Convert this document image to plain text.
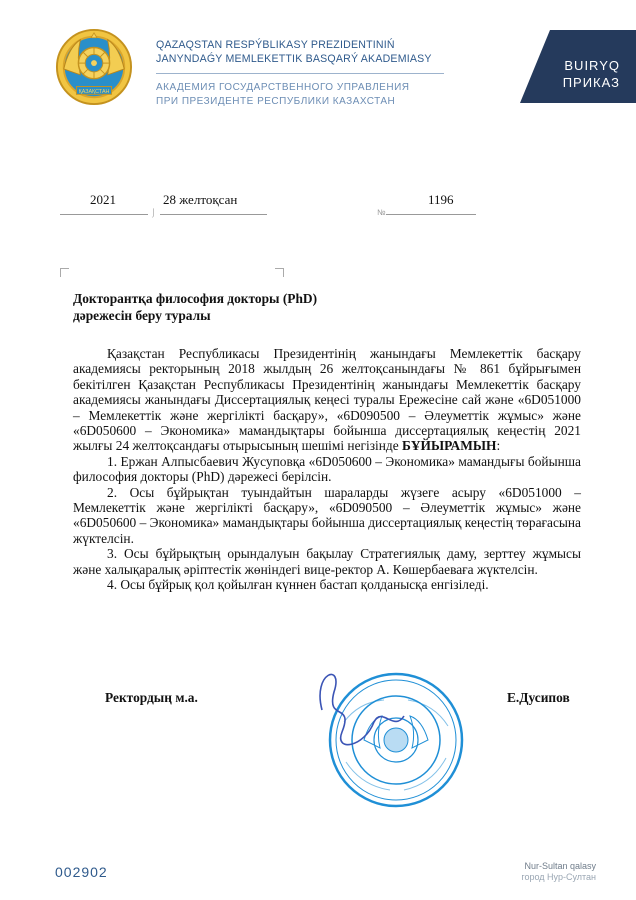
ҚАЗАҚСТАН
QAZAQSTAN RESPÝBLIKASY PREZIDENTINIŃ
JANYNDAǴY MEMLEKETTIK BASQARÝ AKADEMIASY
АКАДЕМИЯ ГОСУДАРСТВЕННОГО УПРАВЛЕНИЯ
ПРИ ПРЕЗИДЕНТЕ РЕСПУБЛИКИ КАЗАХСТАН
BUIRYQ
ПРИКАЗ
2021
⌡
28 желтоқсан
№
1196
Докторантқа философия докторы (PhD)
дәрежесін беру туралы

Қазақстан Республикасы Президентінің жанындағы Мемлекеттік басқару академиясы ректорының 2018 жылдың 26 желтоқсанындағы № 861 бұйрығымен бекітілген Қазақстан Республикасы Президентінің жанындағы Мемлекеттік басқару академиясы жанындағы Диссертациялық кеңесі туралы Ережесіне сай және «6D051000 – Мемлекеттік және жергілікті басқару», «6D090500 – Әлеуметтік жұмыс» және «6D050600 – Экономика» мамандықтары бойынша диссертациялық кеңестің 2021 жылғы 24 желтоқсандағы отырысының шешімі негізінде БҰЙЫРАМЫН:

1. Ержан Алпысбаевич Жусуповқа «6D050600 – Экономика» мамандығы бойынша философия докторы (PhD) дәрежесі берілсін.

2. Осы бұйрықтан туындайтын шараларды жүзеге асыру «6D051000 – Мемлекеттік және жергілікті басқару», «6D090500 – Әлеуметтік жұмыс» және «6D050600 – Экономика» мамандықтары бойынша диссертациялық кеңестің төрағасына жүктелсін.

3. Осы бұйрықтың орындалуын бақылау Стратегиялық даму, зерттеу жұмысы және халықаралық әріптестік жөніндегі вице-ректор А. Көшербаеваға жүктелсін.

4. Осы бұйрық қол қойылған күннен бастап қолданысқа енгізіледі.

Ректордың м.а.	Е.Дусипов
002902	Nur-Sultan qalasy
город Нур-Султан
